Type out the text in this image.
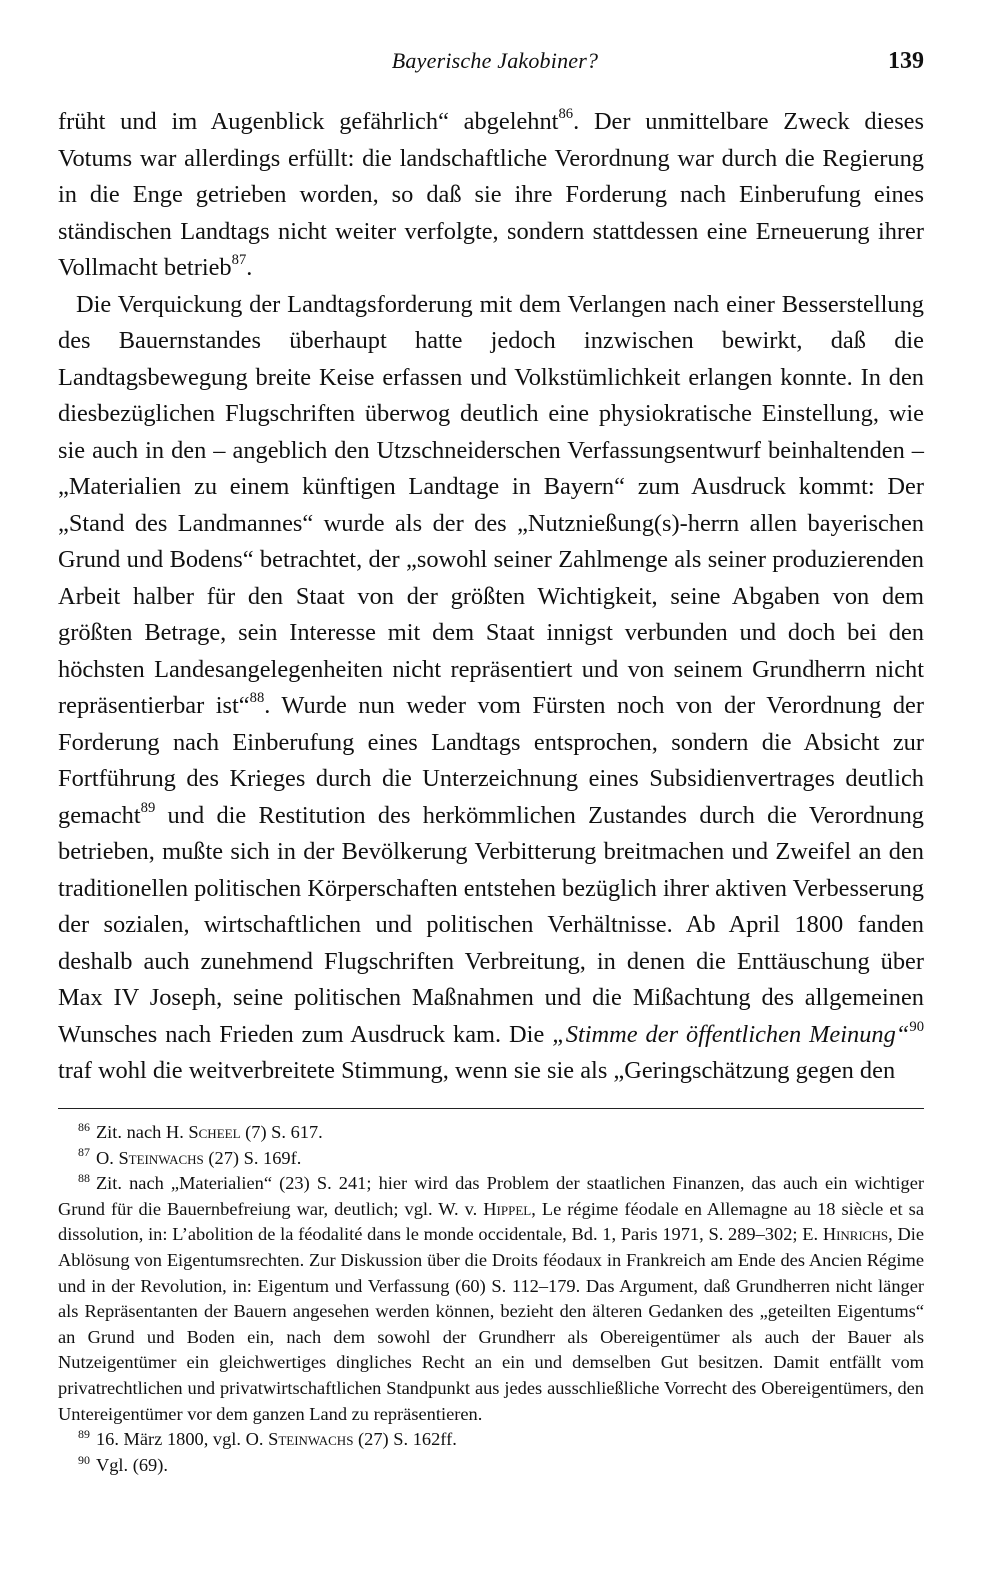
Bayerische Jakobiner?	139

früht und im Augenblick gefährlich“ abgelehnt$^{86}$. Der unmittelbare Zweck dieses Votums war allerdings erfüllt: die landschaftliche Verordnung war durch die Regierung in die Enge getrieben worden, so daß sie ihre Forderung nach Einberufung eines ständischen Landtags nicht weiter verfolgte, sondern stattdessen eine Erneuerung ihrer Vollmacht betrieb$^{87}$.

Die Verquickung der Landtagsforderung mit dem Verlangen nach einer Besserstellung des Bauernstandes überhaupt hatte jedoch inzwischen bewirkt, daß die Landtagsbewegung breite Keise erfassen und Volkstümlichkeit erlangen konnte. In den diesbezüglichen Flugschriften überwog deutlich eine physiokratische Einstellung, wie sie auch in den – angeblich den Utzschneiderschen Verfassungsentwurf beinhaltenden – „Materialien zu einem künftigen Landtage in Bayern“ zum Ausdruck kommt: Der „Stand des Landmannes“ wurde als der des „Nutznießung(s)-herrn allen bayerischen Grund und Bodens“ betrachtet, der „sowohl seiner Zahlmenge als seiner produzierenden Arbeit halber für den Staat von der größten Wichtigkeit, seine Abgaben von dem größten Betrage, sein Interesse mit dem Staat innigst verbunden und doch bei den höchsten Landesangelegenheiten nicht repräsentiert und von seinem Grundherrn nicht repräsentierbar ist“$^{88}$. Wurde nun weder vom Fürsten noch von der Verordnung der Forderung nach Einberufung eines Landtags entsprochen, sondern die Absicht zur Fortführung des Krieges durch die Unterzeichnung eines Subsidienvertrages deutlich gemacht$^{89}$ und die Restitution des herkömmlichen Zustandes durch die Verordnung betrieben, mußte sich in der Bevölkerung Verbitterung breitmachen und Zweifel an den traditionellen politischen Körperschaften entstehen bezüglich ihrer aktiven Verbesserung der sozialen, wirtschaftlichen und politischen Verhältnisse. Ab April 1800 fanden deshalb auch zunehmend Flugschriften Verbreitung, in denen die Enttäuschung über Max IV Joseph, seine politischen Maßnahmen und die Mißachtung des allgemeinen Wunsches nach Frieden zum Ausdruck kam. Die „Stimme der öffentlichen Meinung“$^{90}$ traf wohl die weitverbreitete Stimmung, wenn sie sie als „Geringschätzung gegen den

$^{86}$ Zit. nach H. Scheel (7) S. 617.

$^{87}$ O. Steinwachs (27) S. 169f.

$^{88}$ Zit. nach „Materialien“ (23) S. 241; hier wird das Problem der staatlichen Finanzen, das auch ein wichtiger Grund für die Bauernbefreiung war, deutlich; vgl. W. v. Hippel, Le régime féodale en Allemagne au 18 siècle et sa dissolution, in: L’abolition de la féodalité dans le monde occidentale, Bd. 1, Paris 1971, S. 289–302; E. Hinrichs, Die Ablösung von Eigentumsrechten. Zur Diskussion über die Droits féodaux in Frankreich am Ende des Ancien Régime und in der Revolution, in: Eigentum und Verfassung (60) S. 112–179. Das Argument, daß Grundherren nicht länger als Repräsentanten der Bauern angesehen werden können, bezieht den älteren Gedanken des „geteilten Eigentums“ an Grund und Boden ein, nach dem sowohl der Grundherr als Obereigentümer als auch der Bauer als Nutzeigentümer ein gleichwertiges dingliches Recht an ein und demselben Gut besitzen. Damit entfällt vom privatrechtlichen und privatwirtschaftlichen Standpunkt aus jedes ausschließliche Vorrecht des Obereigentümers, den Untereigentümer vor dem ganzen Land zu repräsentieren.

$^{89}$ 16. März 1800, vgl. O. Steinwachs (27) S. 162ff.

$^{90}$ Vgl. (69).
